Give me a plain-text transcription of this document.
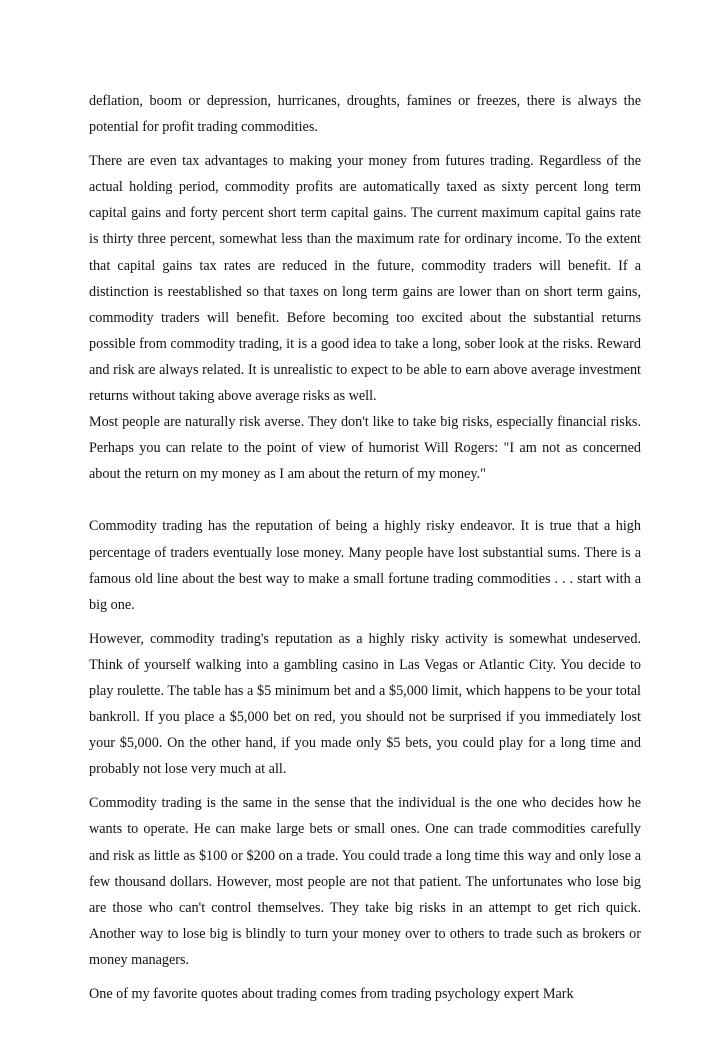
deflation, boom or depression, hurricanes, droughts, famines or freezes, there is always the potential for profit trading commodities.

There are even tax advantages to making your money from futures trading. Regardless of the actual holding period, commodity profits are automatically taxed as sixty percent long term capital gains and forty percent short term capital gains. The current maximum capital gains rate is thirty three percent, somewhat less than the maximum rate for ordinary income. To the extent that capital gains tax rates are reduced in the future, commodity traders will benefit. If a distinction is reestablished so that taxes on long term gains are lower than on short term gains, commodity traders will benefit. Before becoming too excited about the substantial returns possible from commodity trading, it is a good idea to take a long, sober look at the risks. Reward and risk are always related. It is unrealistic to expect to be able to earn above average investment returns without taking above average risks as well.

Most people are naturally risk averse. They don't like to take big risks, especially financial risks. Perhaps you can relate to the point of view of humorist Will Rogers: "I am not as concerned about the return on my money as I am about the return of my money."

Commodity trading has the reputation of being a highly risky endeavor. It is true that a high percentage of traders eventually lose money. Many people have lost substantial sums. There is a famous old line about the best way to make a small fortune trading commodities . . . start with a big one.

However, commodity trading's reputation as a highly risky activity is somewhat undeserved. Think of yourself walking into a gambling casino in Las Vegas or Atlantic City. You decide to play roulette. The table has a $5 minimum bet and a $5,000 limit, which happens to be your total bankroll. If you place a $5,000 bet on red, you should not be surprised if you immediately lost your $5,000. On the other hand, if you made only $5 bets, you could play for a long time and probably not lose very much at all.

Commodity trading is the same in the sense that the individual is the one who decides how he wants to operate. He can make large bets or small ones. One can trade commodities carefully and risk as little as $100 or $200 on a trade. You could trade a long time this way and only lose a few thousand dollars. However, most people are not that patient. The unfortunates who lose big are those who can't control themselves. They take big risks in an attempt to get rich quick. Another way to lose big is blindly to turn your money over to others to trade such as brokers or money managers.

One of my favorite quotes about trading comes from trading psychology expert Mark
